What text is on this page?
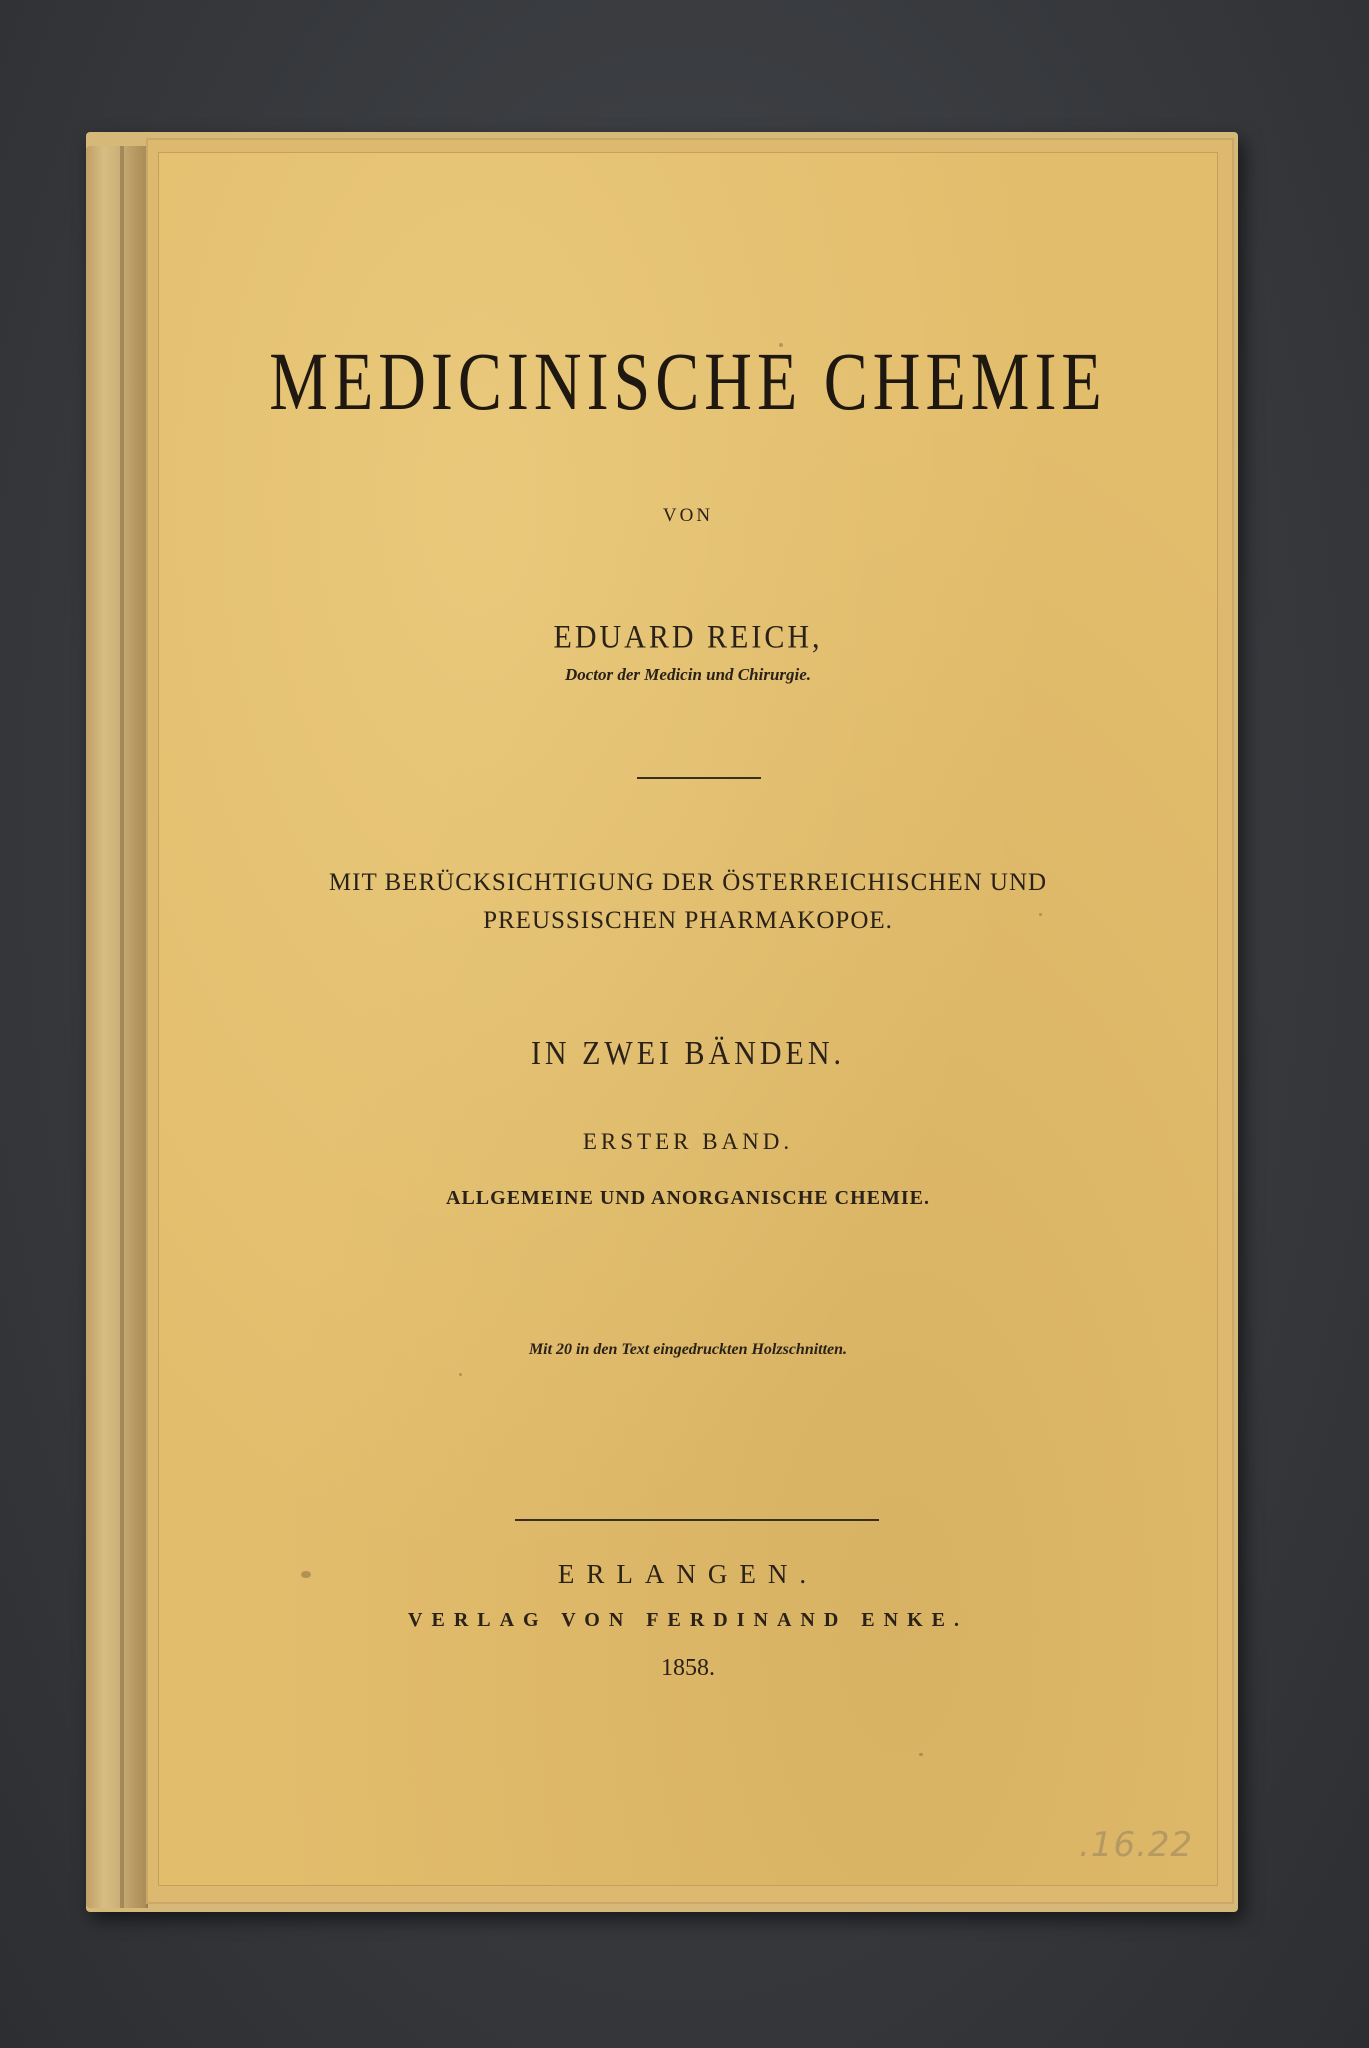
MEDICINISCHE CHEMIE
VON
EDUARD REICH,
Doctor der Medicin und Chirurgie.
MIT BERÜCKSICHTIGUNG DER ÖSTERREICHISCHEN UND
PREUSSISCHEN PHARMAKOPOE.
IN ZWEI BÄNDEN.
ERSTER BAND.
ALLGEMEINE UND ANORGANISCHE CHEMIE.
Mit 20 in den Text eingedruckten Holzschnitten.
ERLANGEN.
VERLAG VON FERDINAND ENKE.
1858.
.16.22
